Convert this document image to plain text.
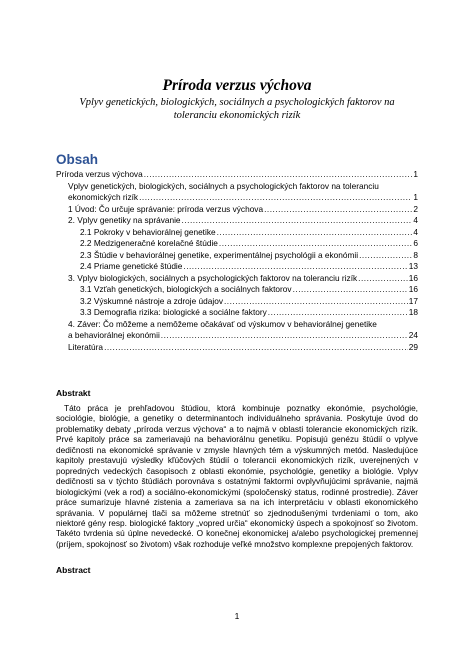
Príroda verzus výchova
Vplyv genetických, biologických, sociálnych a psychologických faktorov na toleranciu ekonomických rizík
Obsah
Príroda verzus výchova .....	1
Vplyv genetických, biologických, sociálnych a psychologických faktorov na toleranciu
ekonomických rizík .....	1
1 Úvod: Čo určuje správanie: príroda verzus výchova .....	2
2. Vplyv genetiky na správanie .....	4
2.1 Pokroky v behaviorálnej genetike .....	4
2.2 Medzigeneračné korelačné štúdie .....	6
2.3 Štúdie v behaviorálnej genetike, experimentálnej psychológii a ekonómii .....	8
2.4 Priame genetické štúdie .....	13
3. Vplyv biologických, sociálnych a psychologických faktorov na toleranciu rizík .....	16
3.1 Vzťah genetických, biologických a sociálnych faktorov .....	16
3.2 Výskumné nástroje a zdroje údajov .....	17
3.3 Demografia rizika: biologické a sociálne faktory .....	18
4. Záver: Čo môžeme a nemôžeme očakávať od výskumov v behaviorálnej genetike
a behaviorálnej ekonómii .....	24
Literatúra .....	29
Abstrakt
Táto práca je prehľadovou štúdiou, ktorá kombinuje poznatky ekonómie, psychológie, sociológie, biológie, a genetiky o determinantoch individuálneho správania. Poskytuje úvod do problematiky debaty „príroda verzus výchova“ a to najmä v oblasti tolerancie ekonomických rizík. Prvé kapitoly práce sa zameriavajú na behaviorálnu genetiku. Popisujú genézu štúdií o vplyve dedičnosti na ekonomické správanie v zmysle hlavných tém a výskumných metód. Nasledujúce kapitoly prestavujú výsledky kľúčových štúdií o tolerancii ekonomických rizík, uverejnených v popredných vedeckých časopisoch z oblasti ekonómie, psychológie, genetiky a biológie. Vplyv dedičnosti sa v týchto štúdiách porovnáva s ostatnými faktormi ovplyvňujúcimi správanie, najmä biologickými (vek a rod) a sociálno-ekonomickými (spoločenský status, rodinné prostredie). Záver práce sumarizuje hlavné zistenia a zameriava sa na ich interpretáciu v oblasti ekonomického správania. V populárnej tlači sa môžeme stretnúť so zjednodušenými tvrdeniami o tom, ako niektoré gény resp. biologické faktory „vopred určia“ ekonomický úspech a spokojnosť so životom. Takéto tvrdenia sú úplne nevedecké. O konečnej ekonomickej a/alebo psychologickej premennej (príjem, spokojnosť so životom) však rozhoduje veľké množstvo komplexne prepojených faktorov.
Abstract
1
